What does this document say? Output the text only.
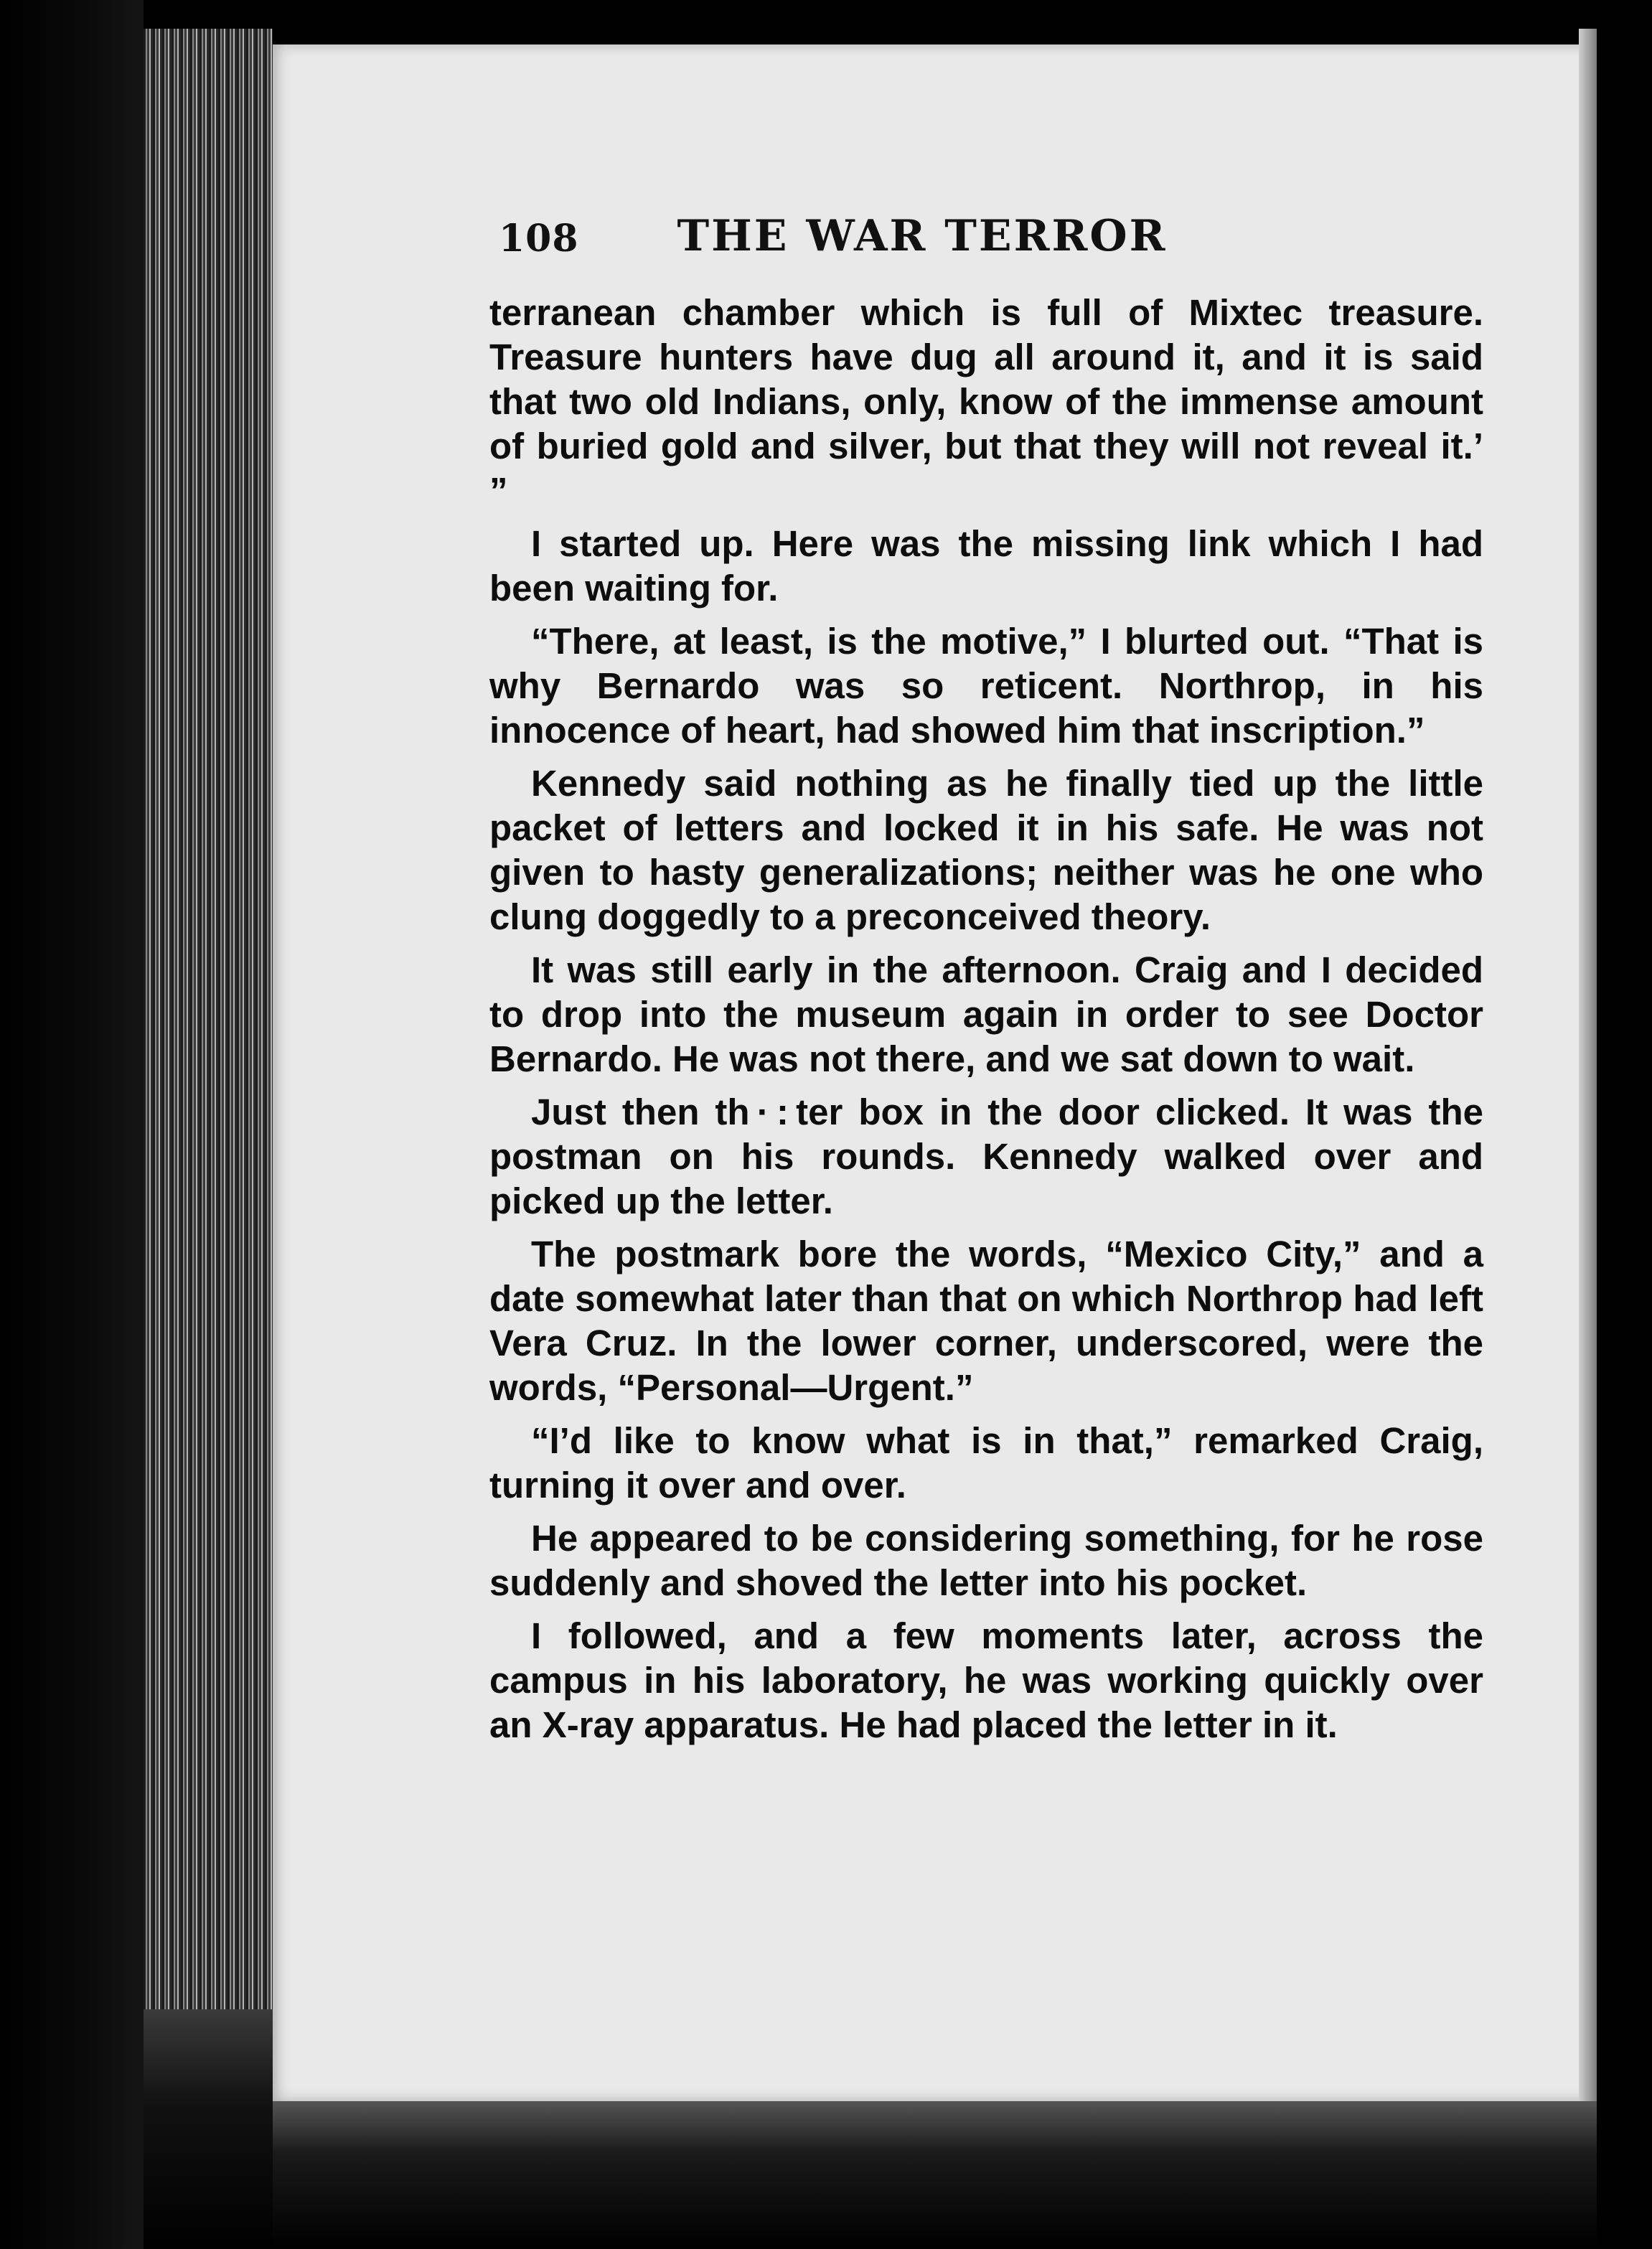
108	THE WAR TERROR

terranean chamber which is full of Mixtec treasure. Treasure hunters have dug all around it, and it is said that two old Indians, only, know of the immense amount of buried gold and silver, but that they will not reveal it.’ ”

I started up. Here was the missing link which I had been waiting for.

“There, at least, is the motive,” I blurted out. “That is why Bernardo was so reticent. Northrop, in his innocence of heart, had showed him that inscription.”

Kennedy said nothing as he finally tied up the little packet of letters and locked it in his safe. He was not given to hasty generalizations; neither was he one who clung doggedly to a preconceived theory.

It was still early in the afternoon. Craig and I decided to drop into the museum again in order to see Doctor Bernardo. He was not there, and we sat down to wait.

Just then th · : ter box in the door clicked. It was the postman on his rounds. Kennedy walked over and picked up the letter.

The postmark bore the words, “Mexico City,” and a date somewhat later than that on which Northrop had left Vera Cruz. In the lower corner, underscored, were the words, “Personal—Urgent.”

“I’d like to know what is in that,” remarked Craig, turning it over and over.

He appeared to be considering something, for he rose suddenly and shoved the letter into his pocket.

I followed, and a few moments later, across the campus in his laboratory, he was working quickly over an X-ray apparatus. He had placed the letter in it.
